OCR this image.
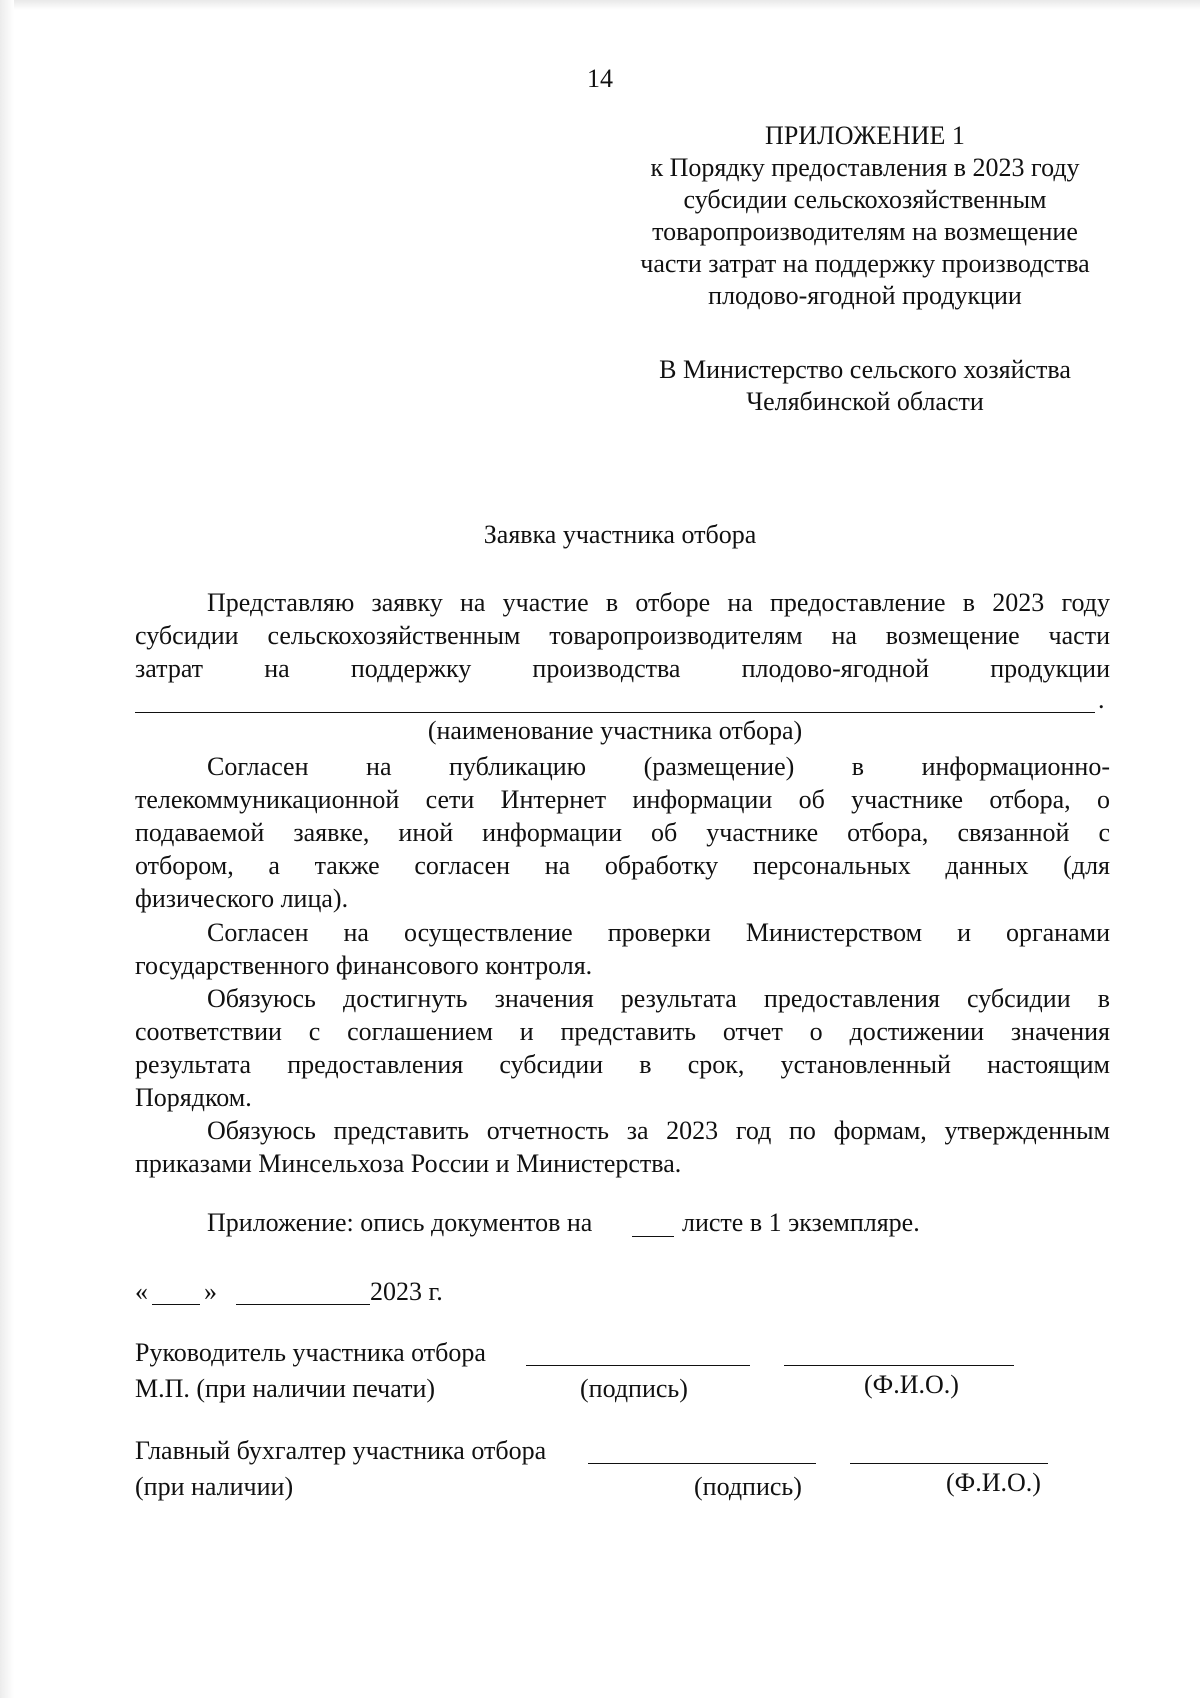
14
ПРИЛОЖЕНИЕ 1
к Порядку предоставления в 2023 году
субсидии сельскохозяйственным
товаропроизводителям на возмещение
части затрат на поддержку производства
плодово-ягодной продукции
В Министерство сельского хозяйства
Челябинской области
Заявка участника отбора
Представляю заявку на участие в отборе на предоставление в 2023 году
субсидии сельскохозяйственным товаропроизводителям на возмещение части
затрат на поддержку производства плодово-ягодной продукции
.
(наименование участника отбора)
Согласен на публикацию (размещение) в информационно-
телекоммуникационной сети Интернет информации об участнике отбора, о
подаваемой заявке, иной информации об участнике отбора, связанной с
отбором, а также согласен на обработку персональных данных (для
физического лица).
Согласен на осуществление проверки Министерством и органами
государственного финансового контроля.
Обязуюсь достигнуть значения результата предоставления субсидии в
соответствии с соглашением и представить отчет о достижении значения
результата предоставления субсидии в срок, установленный настоящим
Порядком.
Обязуюсь представить отчетность за 2023 год по формам, утвержденным
приказами Минсельхоза России и Министерства.
Приложение: опись документов на	листе в 1 экземпляре.
« »	2023 г.
Руководитель участника отбора
М.П. (при наличии печати)	(подпись)	(Ф.И.О.)
Главный бухгалтер участника отбора
(при наличии)	(подпись)	(Ф.И.О.)
